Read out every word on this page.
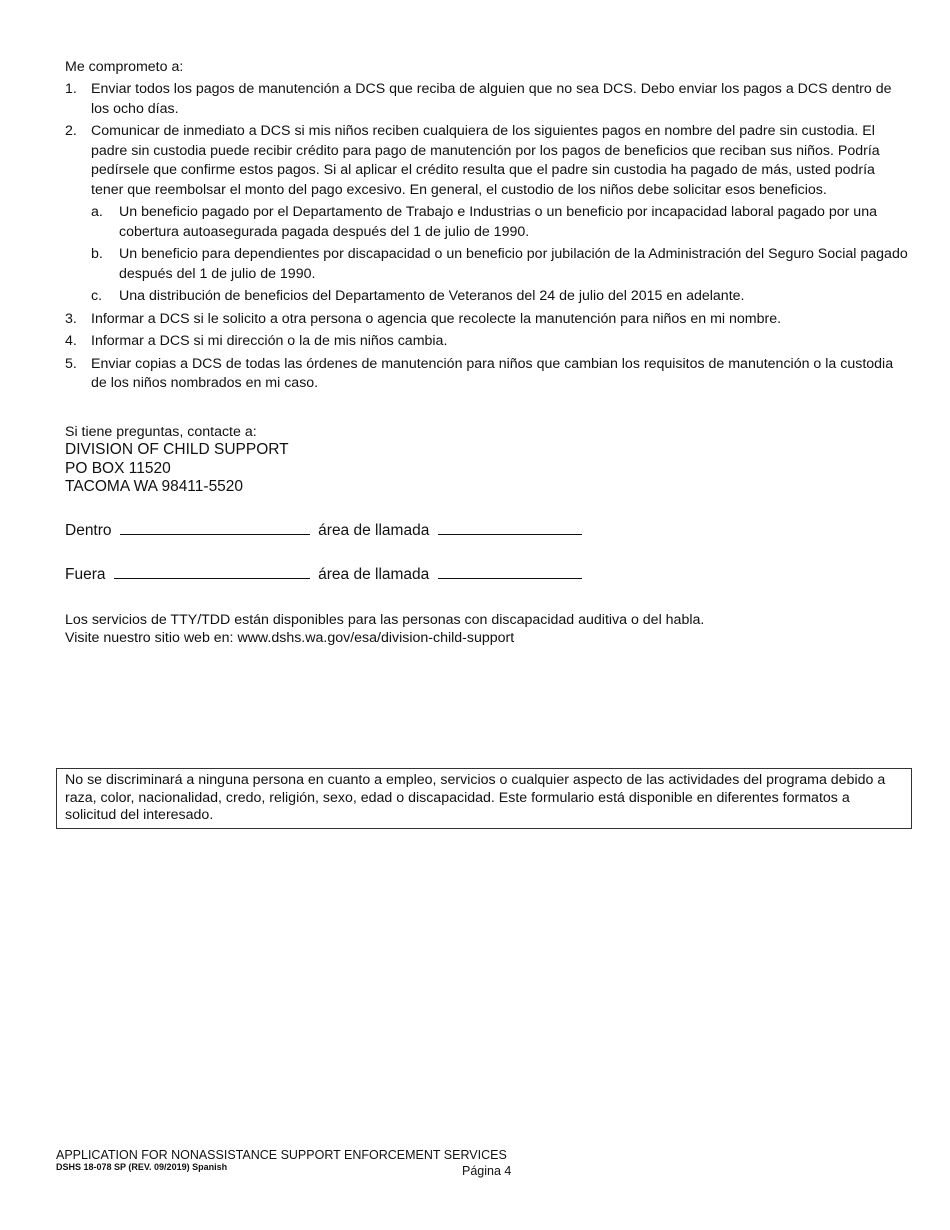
Me comprometo a:
1. Enviar todos los pagos de manutención a DCS que reciba de alguien que no sea DCS. Debo enviar los pagos a DCS dentro de los ocho días.
2. Comunicar de inmediato a DCS si mis niños reciben cualquiera de los siguientes pagos en nombre del padre sin custodia. El padre sin custodia puede recibir crédito para pago de manutención por los pagos de beneficios que reciban sus niños. Podría pedírsele que confirme estos pagos. Si al aplicar el crédito resulta que el padre sin custodia ha pagado de más, usted podría tener que reembolsar el monto del pago excesivo. En general, el custodio de los niños debe solicitar esos beneficios.
a.	Un beneficio pagado por el Departamento de Trabajo e Industrias o un beneficio por incapacidad laboral pagado por una cobertura autoasegurada pagada después del 1 de julio de 1990.
b.	Un beneficio para dependientes por discapacidad o un beneficio por jubilación de la Administración del Seguro Social pagado después del 1 de julio de 1990.
c.	Una distribución de beneficios del Departamento de Veteranos del 24 de julio del 2015 en adelante.
3. Informar a DCS si le solicito a otra persona o agencia que recolecte la manutención para niños en mi nombre.
4. Informar a DCS si mi dirección o la de mis niños cambia.
5. Enviar copias a DCS de todas las órdenes de manutención para niños que cambian los requisitos de manutención o la custodia de los niños nombrados en mi caso.
Si tiene preguntas, contacte a:
DIVISION OF CHILD SUPPORT
PO BOX 11520
TACOMA WA 98411-5520
Dentro	área de llamada
Fuera	área de llamada
Los servicios de TTY/TDD están disponibles para las personas con discapacidad auditiva o del habla.
Visite nuestro sitio web en: www.dshs.wa.gov/esa/division-child-support
No se discriminará a ninguna persona en cuanto a empleo, servicios o cualquier aspecto de las actividades del programa debido a raza, color, nacionalidad, credo, religión, sexo, edad o discapacidad. Este formulario está disponible en diferentes formatos a solicitud del interesado.
APPLICATION FOR NONASSISTANCE SUPPORT ENFORCEMENT SERVICES
DSHS 18-078 SP (REV. 09/2019) Spanish	Página 4
